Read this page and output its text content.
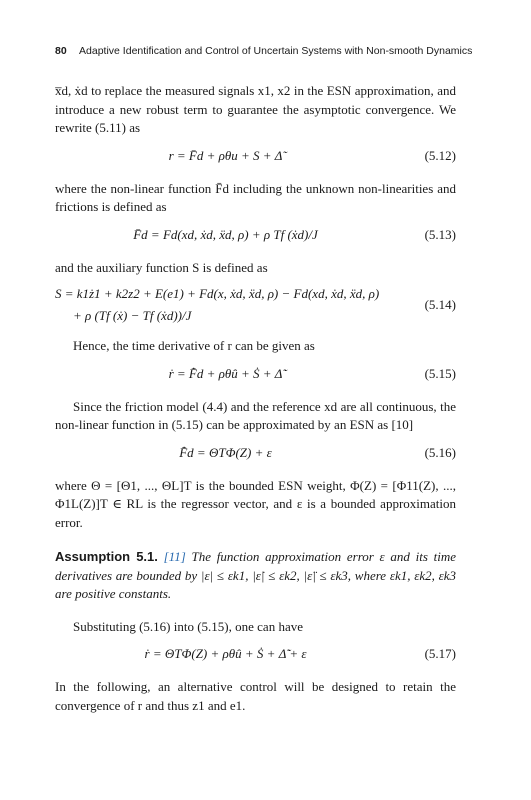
80 Adaptive Identification and Control of Uncertain Systems with Non-smooth Dynamics

x̅d, ẋd to replace the measured signals x1, x2 in the ESN approximation, and introduce a new robust term to guarantee the asymptotic convergence. We rewrite (5.11) as

r = F̄d + ρθu + S + Δ̃	(5.12)

where the non-linear function F̄d including the unknown non-linearities and frictions is defined as

F̄d = Fd(xd, ẋd, ẍd, ρ) + ρ Tf (ẋd)/J	(5.13)

and the auxiliary function S is defined as

S = k1ż1 + k2z2 + E(e1) + Fd(x, ẋd, ẍd, ρ) − Fd(xd, ẋd, ẍd, ρ)
+ ρ (Tf (ẋ) − Tf (ẋd))/J
(5.14)

Hence, the time derivative of r can be given as

ṙ = F̄̇d + ρθû + Ṡ + Δ̃̇	(5.15)

Since the friction model (4.4) and the reference xd are all continuous, the non-linear function in (5.15) can be approximated by an ESN as [10]

F̄̇d = ΘTΦ(Z) + ε	(5.16)

where Θ = [Θ1, ..., ΘL]T is the bounded ESN weight, Φ(Z) = [Φ11(Z), ..., Φ1L(Z)]T ∈ RL is the regressor vector, and ε is a bounded approximation error.

Assumption 5.1. [11] The function approximation error ε and its time derivatives are bounded by |ε| ≤ εk1, |ε̇| ≤ εk2, |ε̈| ≤ εk3, where εk1, εk2, εk3 are positive constants.

Substituting (5.16) into (5.15), one can have

ṙ = ΘTΦ(Z) + ρθû + Ṡ + Δ̃̇ + ε	(5.17)

In the following, an alternative control will be designed to retain the convergence of r and thus z1 and e1.
